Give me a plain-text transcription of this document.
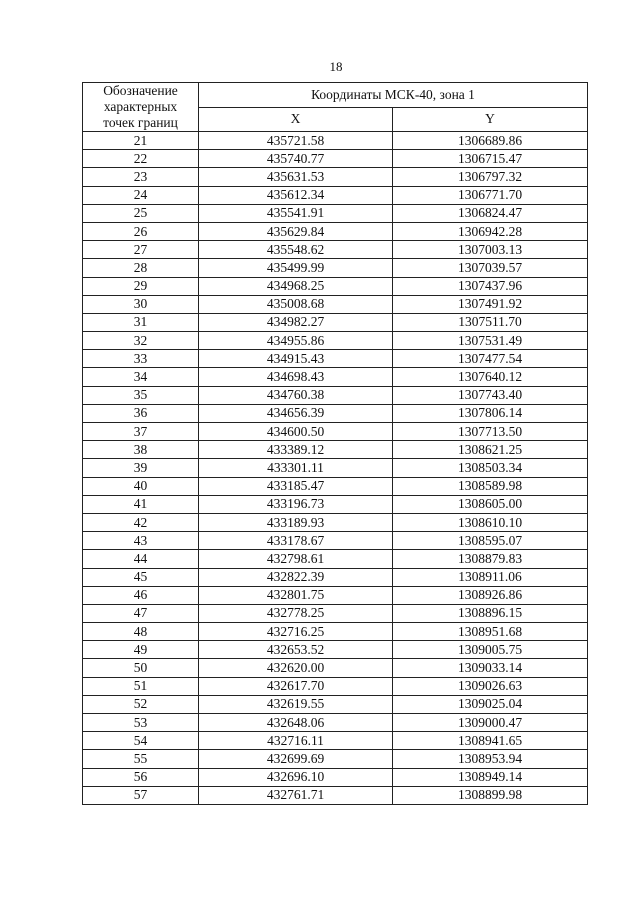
18
Обозначение
характерных
точек границ	Координаты МСК-40, зона 1	
	X	Y
21	435721.58	1306689.86
22	435740.77	1306715.47
23	435631.53	1306797.32
24	435612.34	1306771.70
25	435541.91	1306824.47
26	435629.84	1306942.28
27	435548.62	1307003.13
28	435499.99	1307039.57
29	434968.25	1307437.96
30	435008.68	1307491.92
31	434982.27	1307511.70
32	434955.86	1307531.49
33	434915.43	1307477.54
34	434698.43	1307640.12
35	434760.38	1307743.40
36	434656.39	1307806.14
37	434600.50	1307713.50
38	433389.12	1308621.25
39	433301.11	1308503.34
40	433185.47	1308589.98
41	433196.73	1308605.00
42	433189.93	1308610.10
43	433178.67	1308595.07
44	432798.61	1308879.83
45	432822.39	1308911.06
46	432801.75	1308926.86
47	432778.25	1308896.15
48	432716.25	1308951.68
49	432653.52	1309005.75
50	432620.00	1309033.14
51	432617.70	1309026.63
52	432619.55	1309025.04
53	432648.06	1309000.47
54	432716.11	1308941.65
55	432699.69	1308953.94
56	432696.10	1308949.14
57	432761.71	1308899.98
